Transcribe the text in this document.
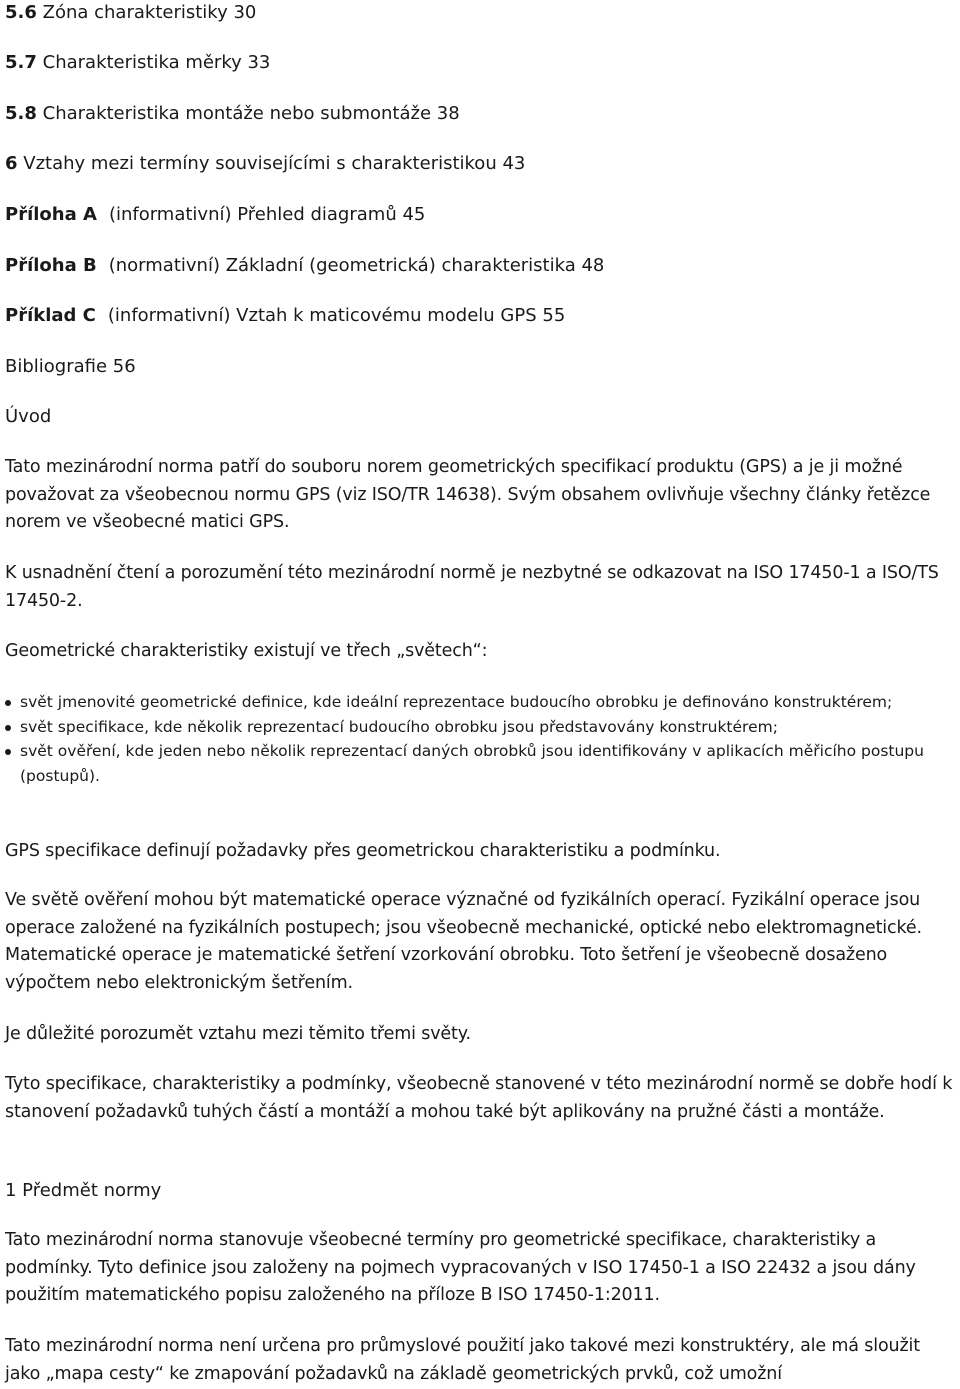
5.6 Zóna charakteristiky 30
5.7 Charakteristika měrky 33
5.8 Charakteristika montáže nebo submontáže 38
6 Vztahy mezi termíny souvisejícími s charakteristikou 43
Příloha A (informativní) Přehled diagramů 45
Příloha B (normativní) Základní (geometrická) charakteristika 48
Příklad C (informativní) Vztah k maticovému modelu GPS 55
Bibliografie 56
Úvod
Tato mezinárodní norma patří do souboru norem geometrických specifikací produktu (GPS) a je ji možné považovat za všeobecnou normu GPS (viz ISO/TR 14638). Svým obsahem ovlivňuje všechny články řetězce norem ve všeobecné matici GPS.
K usnadnění čtení a porozumění této mezinárodní normě je nezbytné se odkazovat na ISO 17450-1 a ISO/TS 17450-2.
Geometrické charakteristiky existují ve třech „světech“:
svět jmenovité geometrické definice, kde ideální reprezentace budoucího obrobku je definováno konstruktérem;
svět specifikace, kde několik reprezentací budoucího obrobku jsou představovány konstruktérem;
svět ověření, kde jeden nebo několik reprezentací daných obrobků jsou identifikovány v aplikacích měřicího postupu (postupů).
GPS specifikace definují požadavky přes geometrickou charakteristiku a podmínku.
Ve světě ověření mohou být matematické operace význačné od fyzikálních operací. Fyzikální operace jsou operace založené na fyzikálních postupech; jsou všeobecně mechanické, optické nebo elektromagnetické. Matematické operace je matematické šetření vzorkování obrobku. Toto šetření je všeobecně dosaženo výpočtem nebo elektronickým šetřením.
Je důležité porozumět vztahu mezi těmito třemi světy.
Tyto specifikace, charakteristiky a podmínky, všeobecně stanovené v této mezinárodní normě se dobře hodí k stanovení požadavků tuhých částí a montáží a mohou také být aplikovány na pružné části a montáže.
1 Předmět normy
Tato mezinárodní norma stanovuje všeobecné termíny pro geometrické specifikace, charakteristiky a podmínky. Tyto definice jsou založeny na pojmech vypracovaných v ISO 17450-1 a ISO 22432 a jsou dány použitím matematického popisu založeného na příloze B ISO 17450-1:2011.
Tato mezinárodní norma není určena pro průmyslové použití jako takové mezi konstruktéry, ale má sloužit jako „mapa cesty“ ke zmapování požadavků na základě geometrických prvků, což umožní
